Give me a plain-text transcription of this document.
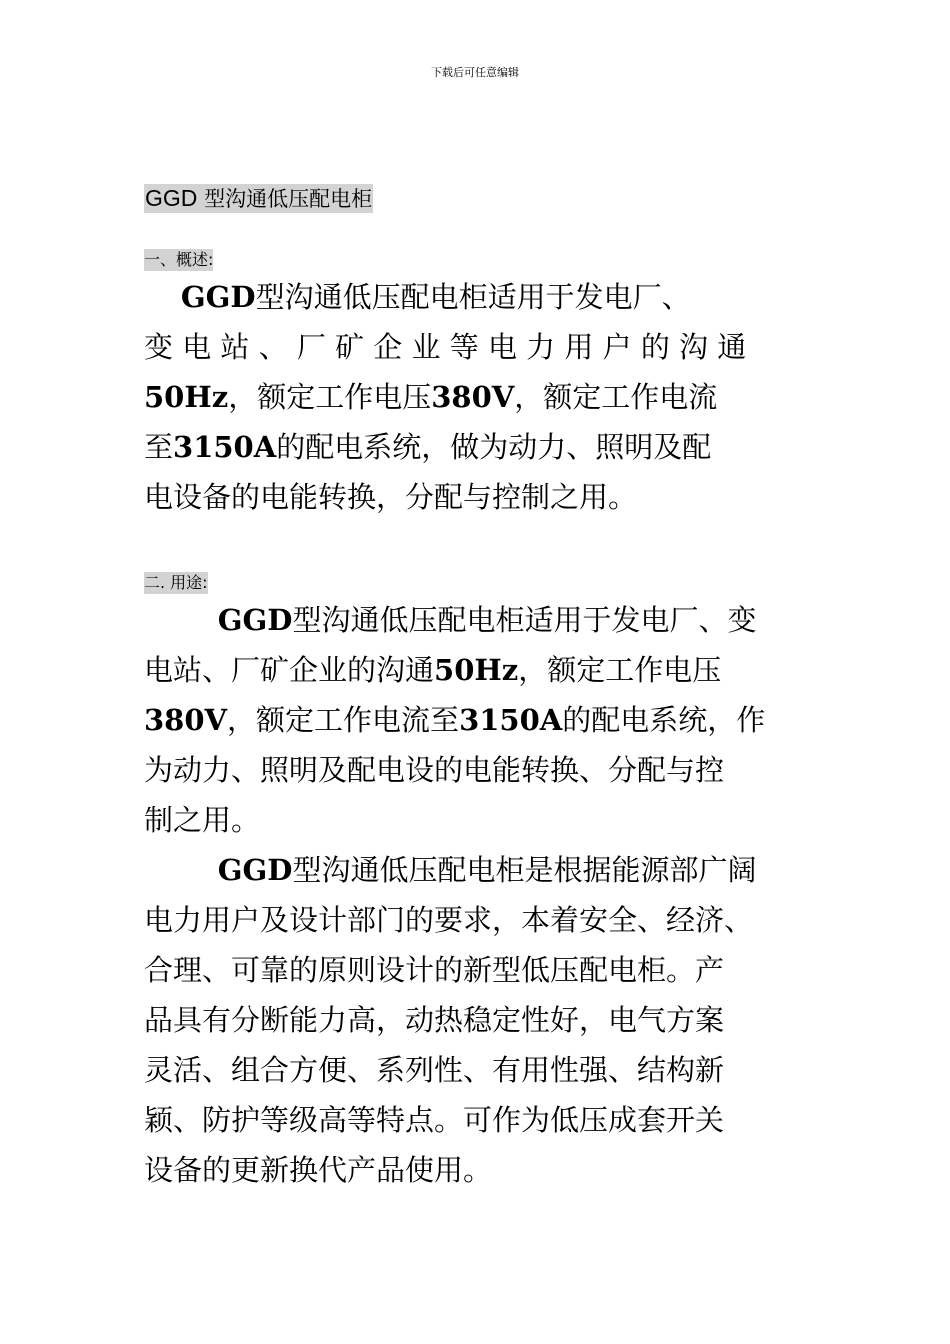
下载后可任意编辑
GGD 型沟通低压配电柜
一、概述:
GGD型沟通低压配电柜适用于发电厂、
变 电 站 、 厂 矿 企 业 等 电 力 用 户 的 沟 通
50Hz，额定工作电压380V，额定工作电流
至3150A的配电系统，做为动力、照明及配
电设备的电能转换，分配与控制之用。
二. 用途:
GGD型沟通低压配电柜适用于发电厂、变
电站、厂矿企业的沟通50Hz，额定工作电压
380V，额定工作电流至3150A的配电系统，作
为动力、照明及配电设的电能转换、分配与控
制之用。
GGD型沟通低压配电柜是根据能源部广阔
电力用户及设计部门的要求，本着安全、经济、
合理、可靠的原则设计的新型低压配电柜。产
品具有分断能力高，动热稳定性好，电气方案
灵活、组合方便、系列性、有用性强、结构新
颖、防护等级高等特点。可作为低压成套开关
设备的更新换代产品使用。
